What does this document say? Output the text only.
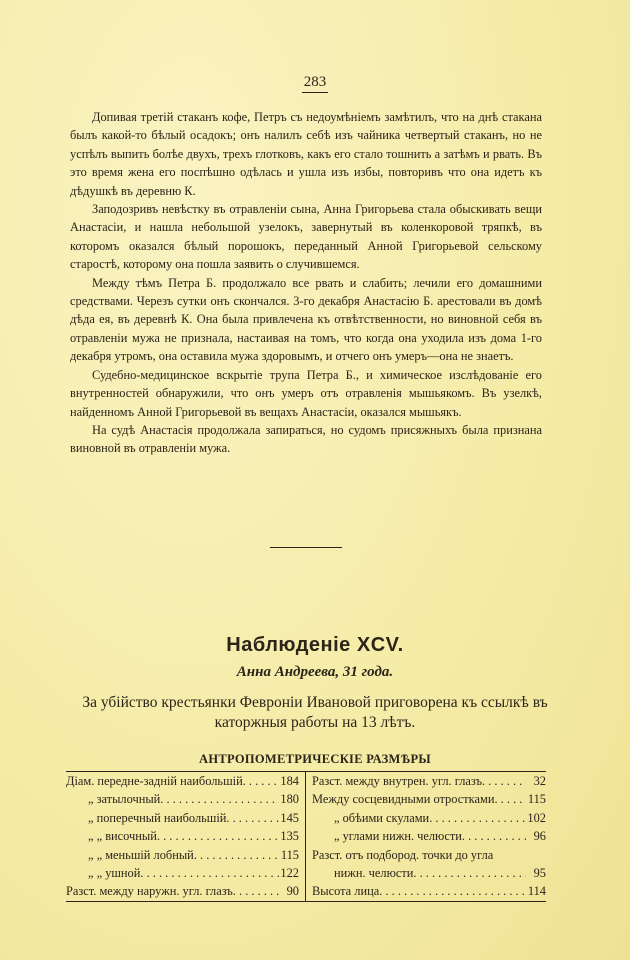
283

Допивая третій стаканъ кофе, Петръ съ недоумѣніемъ замѣтилъ, что на днѣ стакана былъ какой-то бѣлый осадокъ; онъ налилъ себѣ изъ чайника четвертый стаканъ, но не успѣлъ выпить болѣе двухъ, трехъ глотковъ, какъ его стало тошнить а затѣмъ и рвать. Въ это время жена его поспѣшно одѣлась и ушла изъ избы, повторивъ что она идетъ къ дѣдушкѣ въ деревню К.

Заподозривъ невѣстку въ отравленіи сына, Анна Григорьева стала обыскивать вещи Анастасіи, и нашла небольшой узелокъ, завернутый въ коленкоровой тряпкѣ, въ которомъ оказался бѣлый порошокъ, переданный Анной Григорьевой сельскому старостѣ, которому она пошла заявить о случившемся.

Между тѣмъ Петра Б. продолжало все рвать и слабить; лечили его домашними средствами. Черезъ сутки онъ скончался. 3-го декабря Анастасію Б. арестовали въ домѣ дѣда ея, въ деревнѣ К. Она была привлечена къ отвѣтственности, но виновной себя въ отравленіи мужа не признала, настаивая на томъ, что когда она уходила изъ дома 1-го декабря утромъ, она оставила мужа здоровымъ, и отчего онъ умеръ—она не знаетъ.

Судебно-медицинское вскрытіе трупа Петра Б., и химическое изслѣдованіе его внутренностей обнаружили, что онъ умеръ отъ отравленія мышьякомъ. Въ узелкѣ, найденномъ Анной Григорьевой въ вещахъ Анастасіи, оказался мышьякъ.

На судѣ Анастасія продолжала запираться, но судомъ присяжныхъ была признана виновной въ отравленіи мужа.

Наблюденіе XCV.
Анна Андреева, 31 года.
За убійство крестьянки Февроніи Ивановой приговорена къ ссылкѣ въ каторжныя работы на 13 лѣтъ.
АНТРОПОМЕТРИЧЕСКІЕ РАЗМѢРЫ
Діам. передне-задній наибольшій . . .	184
„ затылочный . . .	180
„ поперечный наибольшій . . .	145
„ „ височный . . .	135
„ „ меньшій лобный . . .	115
„ „ ушной . . .	122
Разст. между наружн. угл. глазъ . . .	90
Разст. между внутрен. угл. глазъ . . .	32
Между сосцевидными отростками . . .	115
„ обѣими скулами . . .	102
„ углами нижн. челюсти . . .	96
Разст. отъ подбород. точки до угла
нижн. челюсти . . .	95
Высота лица . . .	114
